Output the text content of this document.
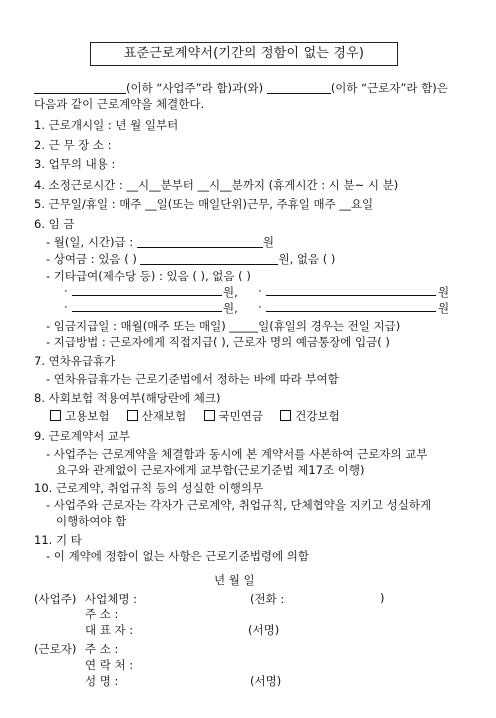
표준근로계약서(기간의 정함이 없는 경우)
(이하 “사업주”라 함)과(와)	(이하 “근로자”라 함)은
다음과 같이 근로계약을 체결한다.
1. 근로개시일 : 년 월 일부터
2. 근 무 장 소 :
3. 업무의 내용 :
4. 소정근로시간 : __시__분부터 __시__분까지 (휴게시간 : 시 분~ 시 분)
5. 근무일/휴일 : 매주 __일(또는 매일단위)근무, 주휴일 매주 __요일
6. 임 금
- 월(일, 시간)급 :	원
- 상여금 : 있음 ( )	원, 없음 ( )
- 기타급여(제수당 등) : 있음 ( ), 없음 ( )
·	원, ·	원
·	원, ·	원
- 임금지급일 : 매월(매주 또는 매일) _____일(휴일의 경우는 전일 지급)
- 지급방법 : 근로자에게 직접지급( ), 근로자 명의 예금통장에 입금( )
7. 연차유급휴가
- 연차유급휴가는 근로기준법에서 정하는 바에 따라 부여함
8. 사회보험 적용여부(해당란에 체크)
고용보험	산재보험	국민연금	건강보험
9. 근로계약서 교부
- 사업주는 근로계약을 체결함과 동시에 본 계약서를 사본하여 근로자의 교부
요구와 관계없이 근로자에게 교부함(근로기준법 제17조 이행)
10. 근로계약, 취업규칙 등의 성실한 이행의무
- 사업주와 근로자는 각자가 근로계약, 취업규칙, 단체협약을 지키고 성실하게
이행하여야 함
11. 기 타
- 이 계약에 정함이 없는 사항은 근로기준법령에 의함
년 월 일
(사업주) 사업체명 :	(전화 :	)
주 소 :
대 표 자 :	(서명)
(근로자) 주 소 :
연 락 처 :
성 명 :	(서명)
